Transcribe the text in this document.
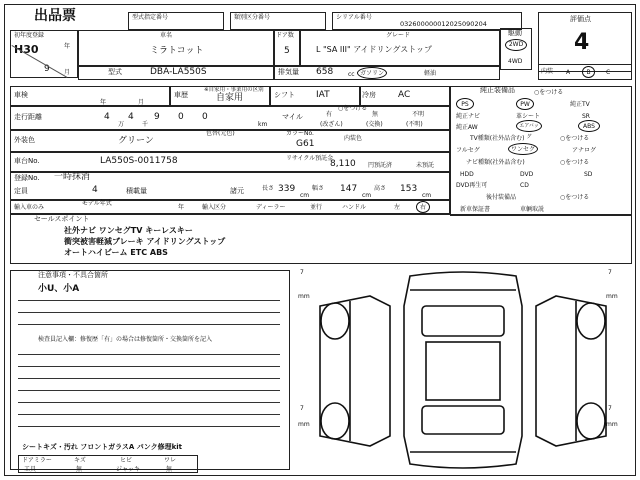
出品票	型式指定番号	類別区分番号	シリアル番号
032600000012025090204
駆動
2WD
4WD
評価点
4
内装 A	B	C
初年度登録
H30	年
9 月
車名
ミラトコット
ドア数
5
グレード
L "SA III" アイドリングストップ
型式	DBA-LA550S	排気量 658 cc ガソリン	軽油
車検
年	月
※自家用・事業用の区別
車歴	自家用	シフト IAT	冷房 AC
○をつける
走行距離	4
万
4
千
9 0 0
km
マイル	有
(改ざん)
無
(交換)
不明
(不明)
外装色	グリーン
色替(元色)	カラーNo.
G61
内装色
車台No.	LA550S-0011758	リサイクル預託金
8,110 円預託済	未預託
登録No. 一時抹消
定員	4	積載量	諸元	長さ 339
cm
幅さ 147
cm
高さ 153
cm
輸入車のみ
モデル年式
年	輸入区分	ディーラー	並行	ハンドル	左	右
純正装備品	○をつける
PS	PW	純正TV
純正ナビ	革シート	SR
純正AW	エアバッグ
ABS
TV種類(社外品含む)	○をつける
フルセグ	ワンセグ	アナログ
ナビ種類(社外品含む)	○をつける
HDD	DVD	SD
DVD再生可	CD
後付装備品	○をつける
新車保証書	車輌取説
セールスポイント
社外ナビ ワンセグTV キーレスキー
衝突被害軽減ブレーキ アイドリングストップ
オートハイビーム ETC ABS
注意事項・不具合箇所
小U、小A
検査員記入欄：修復歴「有」の場合は修復箇所・交換箇所を記入
シートキズ・汚れ フロントガラスA パンク修理kit
ドアミラー	キズ	ヒビ	ワレ
工具	無	ジャッキ	無
7
mm
7
mm
7
mm
7
mm
